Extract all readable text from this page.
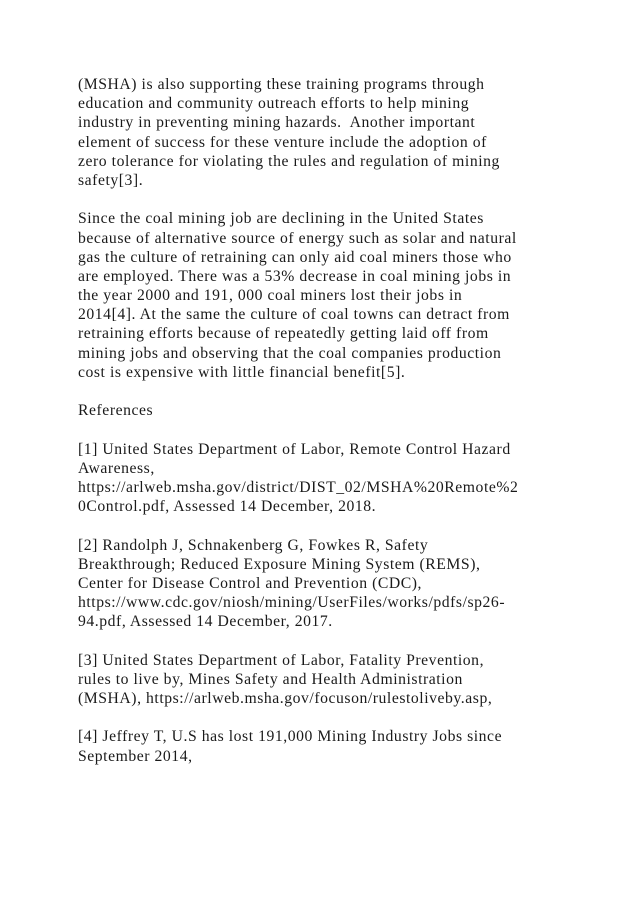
(MSHA) is also supporting these training programs through
education and community outreach efforts to help mining
industry in preventing mining hazards.  Another important
element of success for these venture include the adoption of
zero tolerance for violating the rules and regulation of mining
safety[3].
Since the coal mining job are declining in the United States
because of alternative source of energy such as solar and natural
gas the culture of retraining can only aid coal miners those who
are employed. There was a 53% decrease in coal mining jobs in
the year 2000 and 191, 000 coal miners lost their jobs in
2014[4]. At the same the culture of coal towns can detract from
retraining efforts because of repeatedly getting laid off from
mining jobs and observing that the coal companies production
cost is expensive with little financial benefit[5].
References
[1] United States Department of Labor, Remote Control Hazard
Awareness,
https://arlweb.msha.gov/district/DIST_02/MSHA%20Remote%2
0Control.pdf, Assessed 14 December, 2018.
[2] Randolph J, Schnakenberg G, Fowkes R, Safety
Breakthrough; Reduced Exposure Mining System (REMS),
Center for Disease Control and Prevention (CDC),
https://www.cdc.gov/niosh/mining/UserFiles/works/pdfs/sp26-
94.pdf, Assessed 14 December, 2017.
[3] United States Department of Labor, Fatality Prevention,
rules to live by, Mines Safety and Health Administration
(MSHA), https://arlweb.msha.gov/focuson/rulestoliveby.asp,
[4] Jeffrey T, U.S has lost 191,000 Mining Industry Jobs since
September 2014,
